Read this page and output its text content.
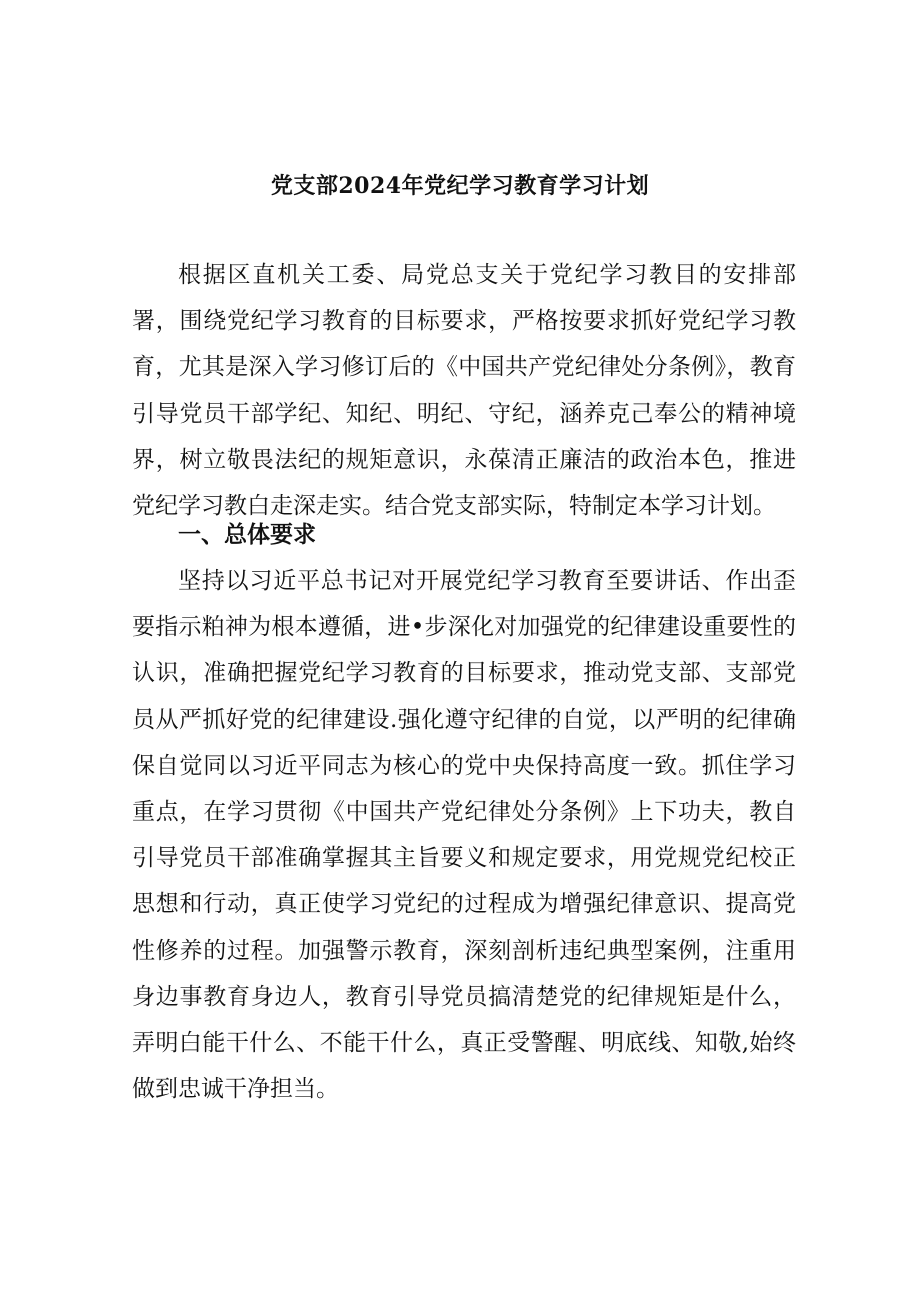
党支部2024年党纪学习教育学习计划

根据区直机关工委、局党总支关于党纪学习教目的安排部署，围绕党纪学习教育的目标要求，严格按要求抓好党纪学习教育，尤其是深入学习修订后的《中国共产党纪律处分条例》，教育引导党员干部学纪、知纪、明纪、守纪，涵养克己奉公的精神境界，树立敬畏法纪的规矩意识，永葆清正廉洁的政治本色，推进党纪学习教白走深走实。结合党支部实际，特制定本学习计划。

一、总体要求

坚持以习近平总书记对开展党纪学习教育至要讲话、作出歪要指示粕神为根本遵循，进•步深化对加强党的纪律建设重要性的认识，准确把握党纪学习教育的目标要求，推动党支部、支部党员从严抓好党的纪律建设.强化遵守纪律的自觉，以严明的纪律确保自觉同以习近平同志为核心的党中央保持高度一致。抓住学习重点，在学习贯彻《中国共产党纪律处分条例》上下功夫，教自引导党员干部准确掌握其主旨要义和规定要求，用党规党纪校正思想和行动，真正使学习党纪的过程成为增强纪律意识、提高党性修养的过程。加强警示教育，深刻剖析违纪典型案例，注重用身边事教育身边人，教育引导党员搞清楚党的纪律规矩是什么，弄明白能干什么、不能干什么，真正受警醒、明底线、知敬,始终做到忠诚干净担当。
